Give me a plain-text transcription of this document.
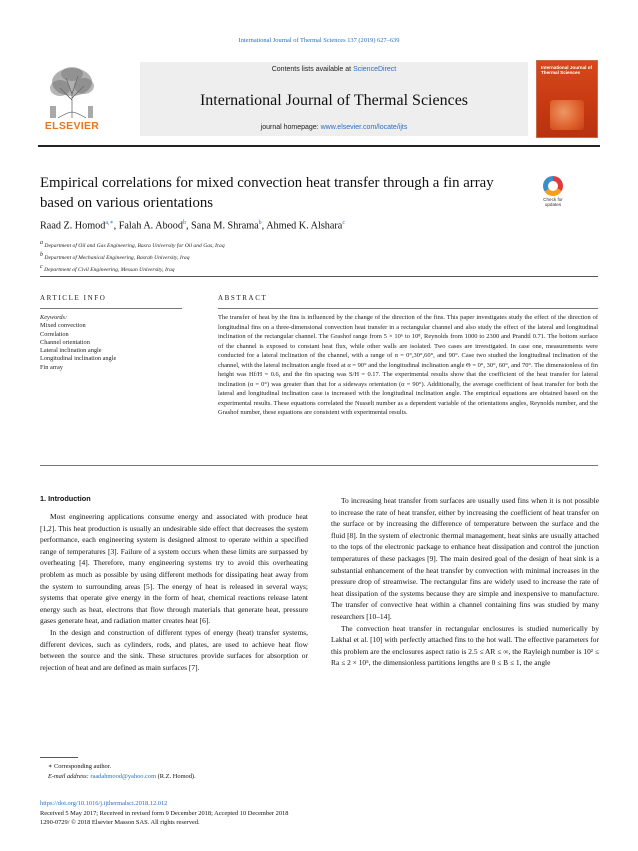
International Journal of Thermal Sciences 137 (2019) 627–639
ELSEVIER
Contents lists available at ScienceDirect
International Journal of Thermal Sciences
journal homepage: www.elsevier.com/locate/ijts
International Journal of Thermal Sciences
Empirical correlations for mixed convection heat transfer through a fin array based on various orientations	Check for updates
Raad Z. Homod$^{a,∗}$, Falah A. Abood$^b$, Sana M. Shrama$^b$, Ahmed K. Alshara$^c$
$^a$ Department of Oil and Gas Engineering, Basra University for Oil and Gas, Iraq
$^b$ Department of Mechanical Engineering, Basrah University, Iraq
$^c$ Department of Civil Engineering, Messan University, Iraq
ARTICLE INFO
Keywords:
Mixed convection
Correlation
Channel orientation
Lateral inclination angle
Longitudinal inclination angle
Fin array
ABSTRACT
The transfer of heat by the fins is influenced by the change of the direction of the fins. This paper investigates study the effect of the direction of longitudinal fins on a three-dimensional convection heat transfer in a rectangular channel and also study the effect of the lateral and longitudinal inclination of the rectangular channel. The Grashof range from 5 × 10⁶ to 10⁸, Reynolds from 1000 to 2300 and Prandtl 0.71. The bottom surface of the channel is exposed to constant heat flux, while other walls are isolated. Two cases are investigated. In case one, measurements were conducted for a lateral inclination of the channel, with a range of α = 0°,30°,60°, and 90°. Case two studied the longitudinal inclination of the channel, with the lateral inclination angle fixed at α = 90° and the longitudinal inclination angle Θ = 0°, 30°, 60°, and 70°. The dimensionless of fin height was Hf/H = 0.6, and the fin spacing was S/H = 0.17. The experimental results show that the coefficient of the heat transfer for lateral inclination (α = 0°) was greater than that for a sideways orientation (α = 90°). Additionally, the average coefficient of heat transfer for both the lateral and longitudinal inclination case is increased with the longitudinal inclination angle. The empirical equations are obtained based on the experimental results. These equations correlated the Nusselt number as a dependent variable of the orientations angles, Reynolds number, and the Grashof number, these equations are consistent with experimental results.
1. Introduction

Most engineering applications consume energy and associated with produce heat [1,2]. This heat production is usually an undesirable side effect that decreases the system performance, each engineering system is designed almost to operate within a specified range of temperatures [3]. Failure of a system occurs when these limits are surpassed by overheating [4]. Therefore, many engineering systems try to avoid this overheating problem as much as possible by using different methods for dissipating heat away from the system to surrounding areas [5]. The energy of heat is released in several ways; systems that operate give energy in the form of heat, chemical reactions release latent energy such as heat, electrons that flow through materials that generate heat, pressure gases generate heat, and radiation matter creates heat [6].

In the design and construction of different types of energy (heat) transfer systems, different devices, such as cylinders, rods, and plates, are used to achieve heat flow between the source and the sink. These structures provide surfaces for absorption or rejection of heat and are defined as main surfaces [7].

To increasing heat transfer from surfaces are usually used fins when it is not possible to increase the rate of heat transfer, either by increasing the coefficient of heat transfer on the surface or by increasing the difference of temperature between the surface and the fluid [8]. In the system of electronic thermal management, heat sinks are usually attached to the tops of the electronic package to enhance heat dissipation and control the junction temperatures of these packages [9]. The main desired goal of the design of heat sink is a substantial enhancement of the heat transfer by convection with minimal increases in the pressure drop of streamwise. The rectangular fins are widely used to increase the rate of heat dissipation of the systems because they are simple and inexpensive to manufacture. The transfer of convective heat within a channel containing fins was studied by many researchers [10–14].

The convection heat transfer in rectangular enclosures is studied numerically by Lakhal et al. [10] with perfectly attached fins to the hot wall. The effective parameters for this problem are the enclosures aspect ratio is 2.5 ≤ AR ≤ ∞, the Rayleigh number is 10² ≤ Ra ≤ 2 × 10⁵, the dimensionless partitions lengths are 0 ≤ B ≤ 1, the angle

∗ Corresponding author.
E-mail address: raadahmood@yahoo.com (R.Z. Homod).
https://doi.org/10.1016/j.ijthermalsci.2018.12.012
Received 5 May 2017; Received in revised form 9 December 2018; Accepted 10 December 2018
1290-0729/ © 2018 Elsevier Masson SAS. All rights reserved.
